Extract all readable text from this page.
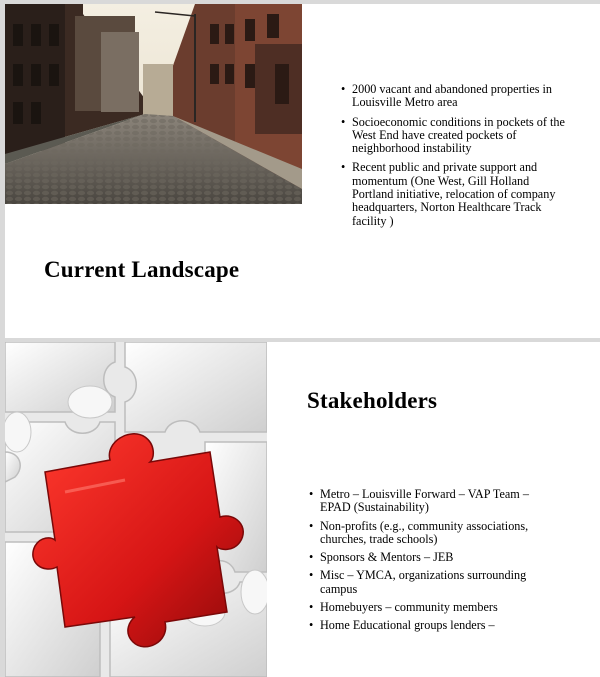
• 2000 vacant and abandoned properties in Louisville Metro area
• Socioeconomic conditions in pockets of the West End have created pockets of neighborhood instability
• Recent public and private support and momentum (One West, Gill Holland Portland initiative, relocation of company headquarters, Norton Healthcare Track facility )
Current Landscape
Stakeholders
• Metro – Louisville Forward – VAP Team – EPAD (Sustainability)
• Non-profits (e.g., community associations, churches, trade schools)
• Sponsors & Mentors – JEB
• Misc – YMCA, organizations surrounding campus
• Homebuyers – community members
• Home Educational groups lenders –
